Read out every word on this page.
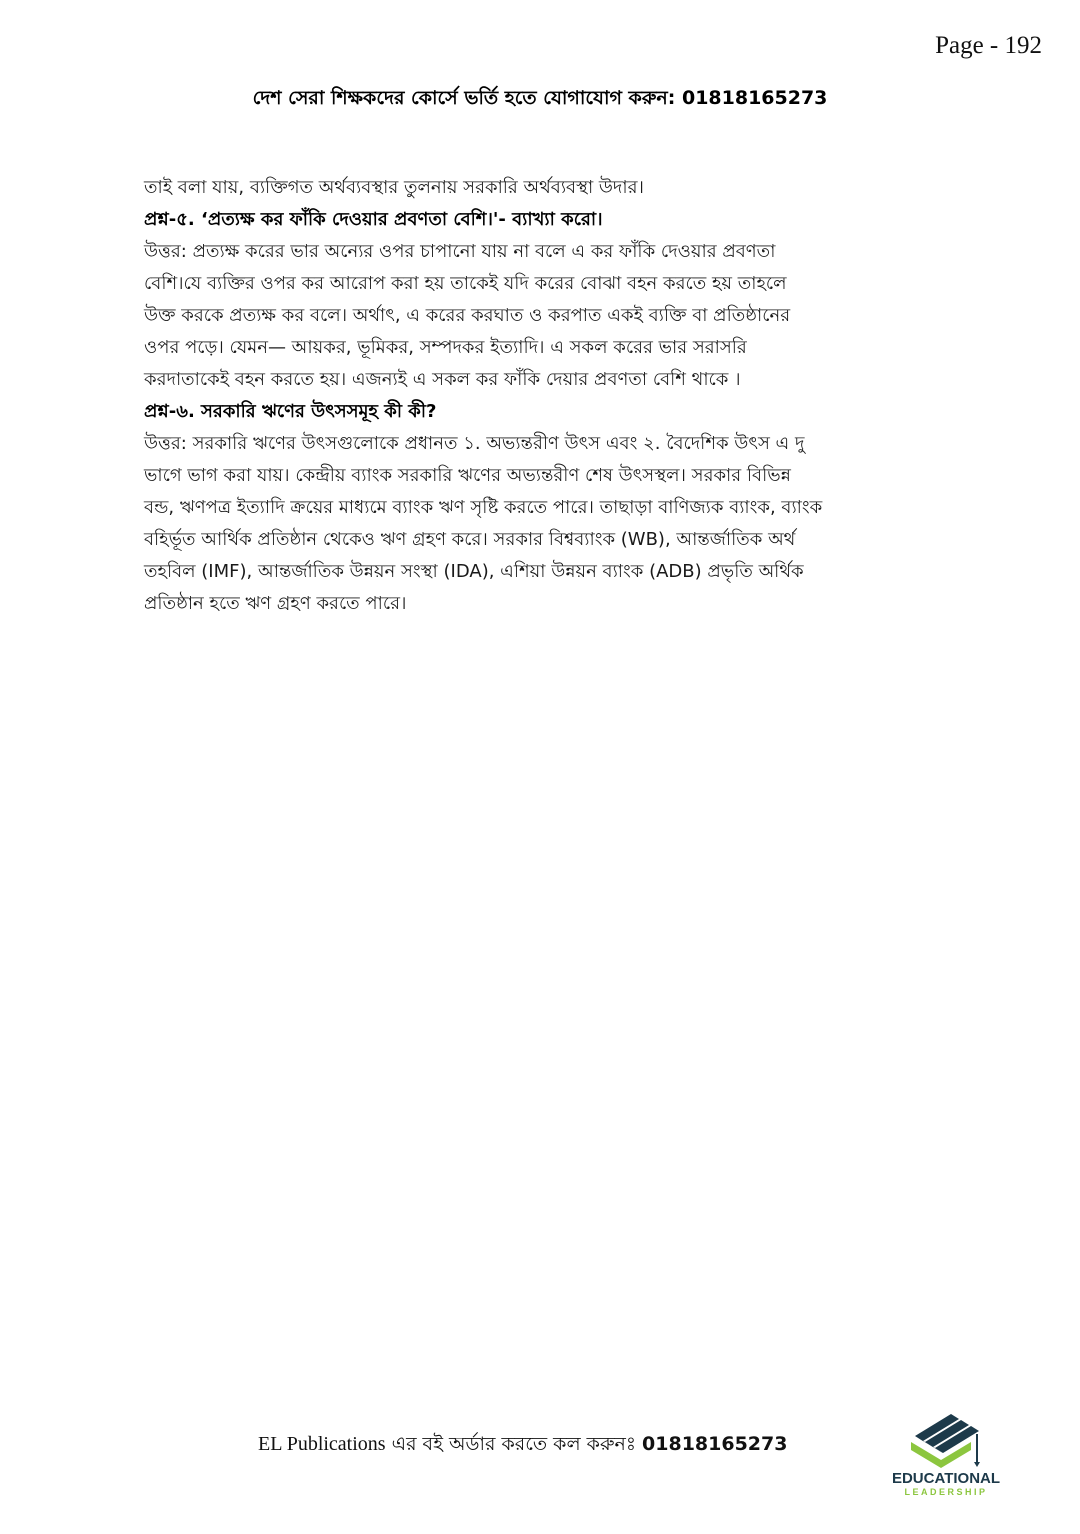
Page - 192
দেশ সেরা শিক্ষকদের কোর্সে ভর্তি হতে যোগাযোগ করুন: 01818165273
তাই বলা যায়, ব্যক্তিগত অর্থব্যবস্থার তুলনায় সরকারি অর্থব্যবস্থা উদার।
প্রশ্ন-৫. ‘প্রত্যক্ষ কর ফাঁকি দেওয়ার প্রবণতা বেশি।'- ব্যাখ্যা করো।
উত্তর: প্রত্যক্ষ করের ভার অন্যের ওপর চাপানো যায় না বলে এ কর ফাঁকি দেওয়ার প্রবণতা
বেশি।যে ব্যক্তির ওপর কর আরোপ করা হয় তাকেই যদি করের বোঝা বহন করতে হয় তাহলে
উক্ত করকে প্রত্যক্ষ কর বলে। অর্থাৎ, এ করের করঘাত ও করপাত একই ব্যক্তি বা প্রতিষ্ঠানের
ওপর পড়ে। যেমন— আয়কর, ভূমিকর, সম্পদকর ইত্যাদি। এ সকল করের ভার সরাসরি
করদাতাকেই বহন করতে হয়। এজন্যই এ সকল কর ফাঁকি দেয়ার প্রবণতা বেশি থাকে ।
প্রশ্ন-৬. সরকারি ঋণের উৎসসমূহ কী কী?
উত্তর: সরকারি ঋণের উৎসগুলোকে প্রধানত ১. অভ্যন্তরীণ উৎস এবং ২. বৈদেশিক উৎস এ দু
ভাগে ভাগ করা যায়। কেন্দ্রীয় ব্যাংক সরকারি ঋণের অভ্যন্তরীণ শেষ উৎসস্থল। সরকার বিভিন্ন
বন্ড, ঋণপত্র ইত্যাদি ক্রয়ের মাধ্যমে ব্যাংক ঋণ সৃষ্টি করতে পারে। তাছাড়া বাণিজ্যক ব্যাংক, ব্যাংক
বহির্ভূত আর্থিক প্রতিষ্ঠান থেকেও ঋণ গ্রহণ করে। সরকার বিশ্বব্যাংক (WB), আন্তর্জাতিক অর্থ
তহবিল (IMF), আন্তর্জাতিক উন্নয়ন সংস্থা (IDA), এশিয়া উন্নয়ন ব্যাংক (ADB) প্রভৃতি অর্থিক
প্রতিষ্ঠান হতে ঋণ গ্রহণ করতে পারে।
EL Publications এর বই অর্ডার করতে কল করুনঃ 01818165273
EDUCATIONAL
LEADERSHIP
